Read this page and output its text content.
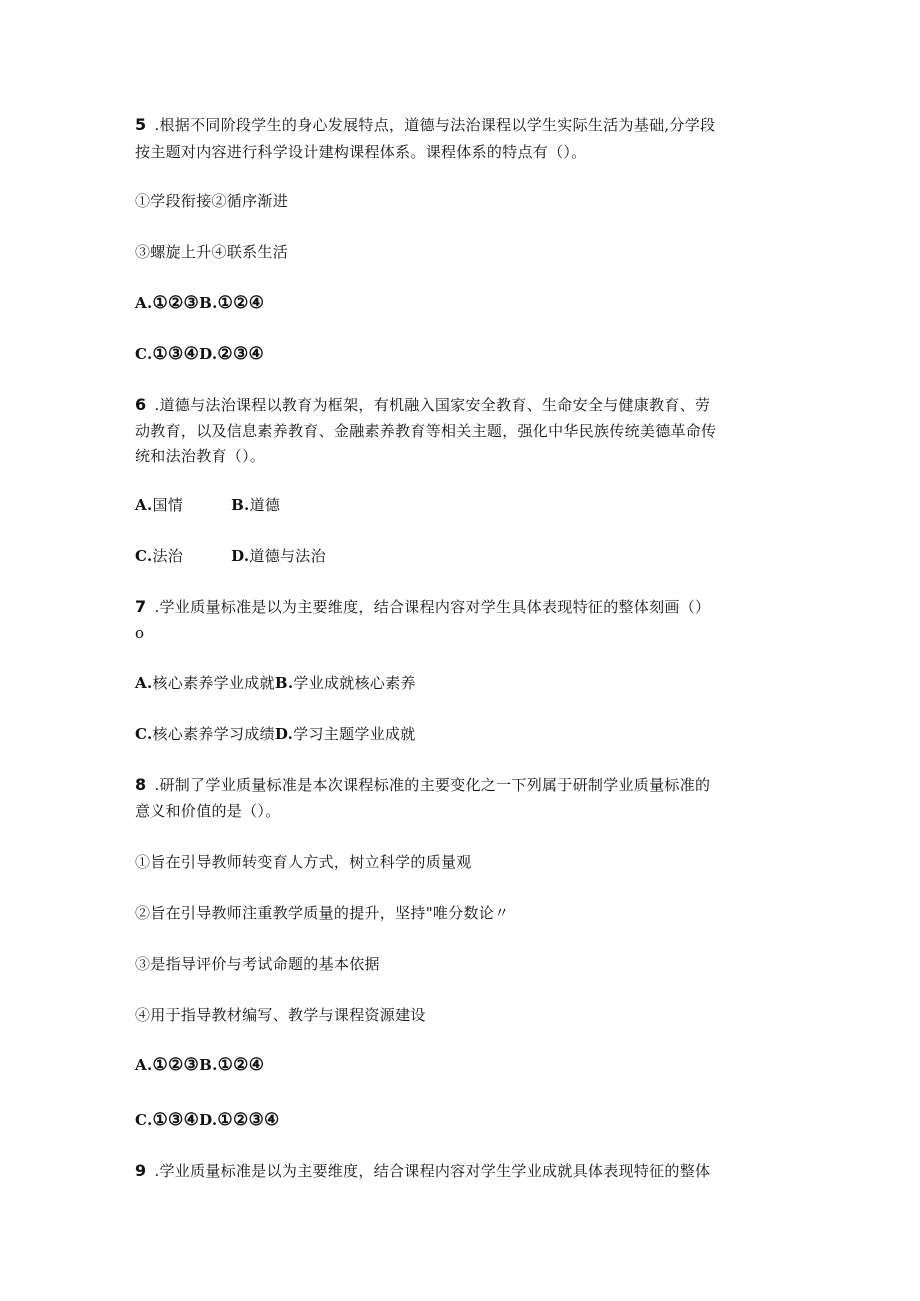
5 .根据不同阶段学生的身心发展特点，道德与法治课程以学生实际生活为基础,分学段
按主题对内容进行科学设计建构课程体系。课程体系的特点有（）。
①学段衔接②循序渐进
③螺旋上升④联系生活
A.①②③B.①②④
C.①③④D.②③④
6 .道德与法治课程以教育为框架，有机融入国家安全教育、生命安全与健康教育、劳
动教育，以及信息素养教育、金融素养教育等相关主题，强化中华民族传统美德革命传
统和法治教育（）。
A.国情	B.道德
C.法治	D.道德与法治
7 .学业质量标准是以为主要维度，结合课程内容对学生具体表现特征的整体刻画（）
o
A.核心素养学业成就B.学业成就核心素养
C.核心素养学习成绩D.学习主题学业成就
8 .研制了学业质量标准是本次课程标准的主要变化之一下列属于研制学业质量标准的
意义和价值的是（）。
①旨在引导教师转变育人方式，树立科学的质量观
②旨在引导教师注重教学质量的提升，坚持"唯分数论〃
③是指导评价与考试命题的基本依据
④用于指导教材编写、教学与课程资源建设
A.①②③B.①②④
C.①③④D.①②③④
9 .学业质量标准是以为主要维度，结合课程内容对学生学业成就具体表现特征的整体
